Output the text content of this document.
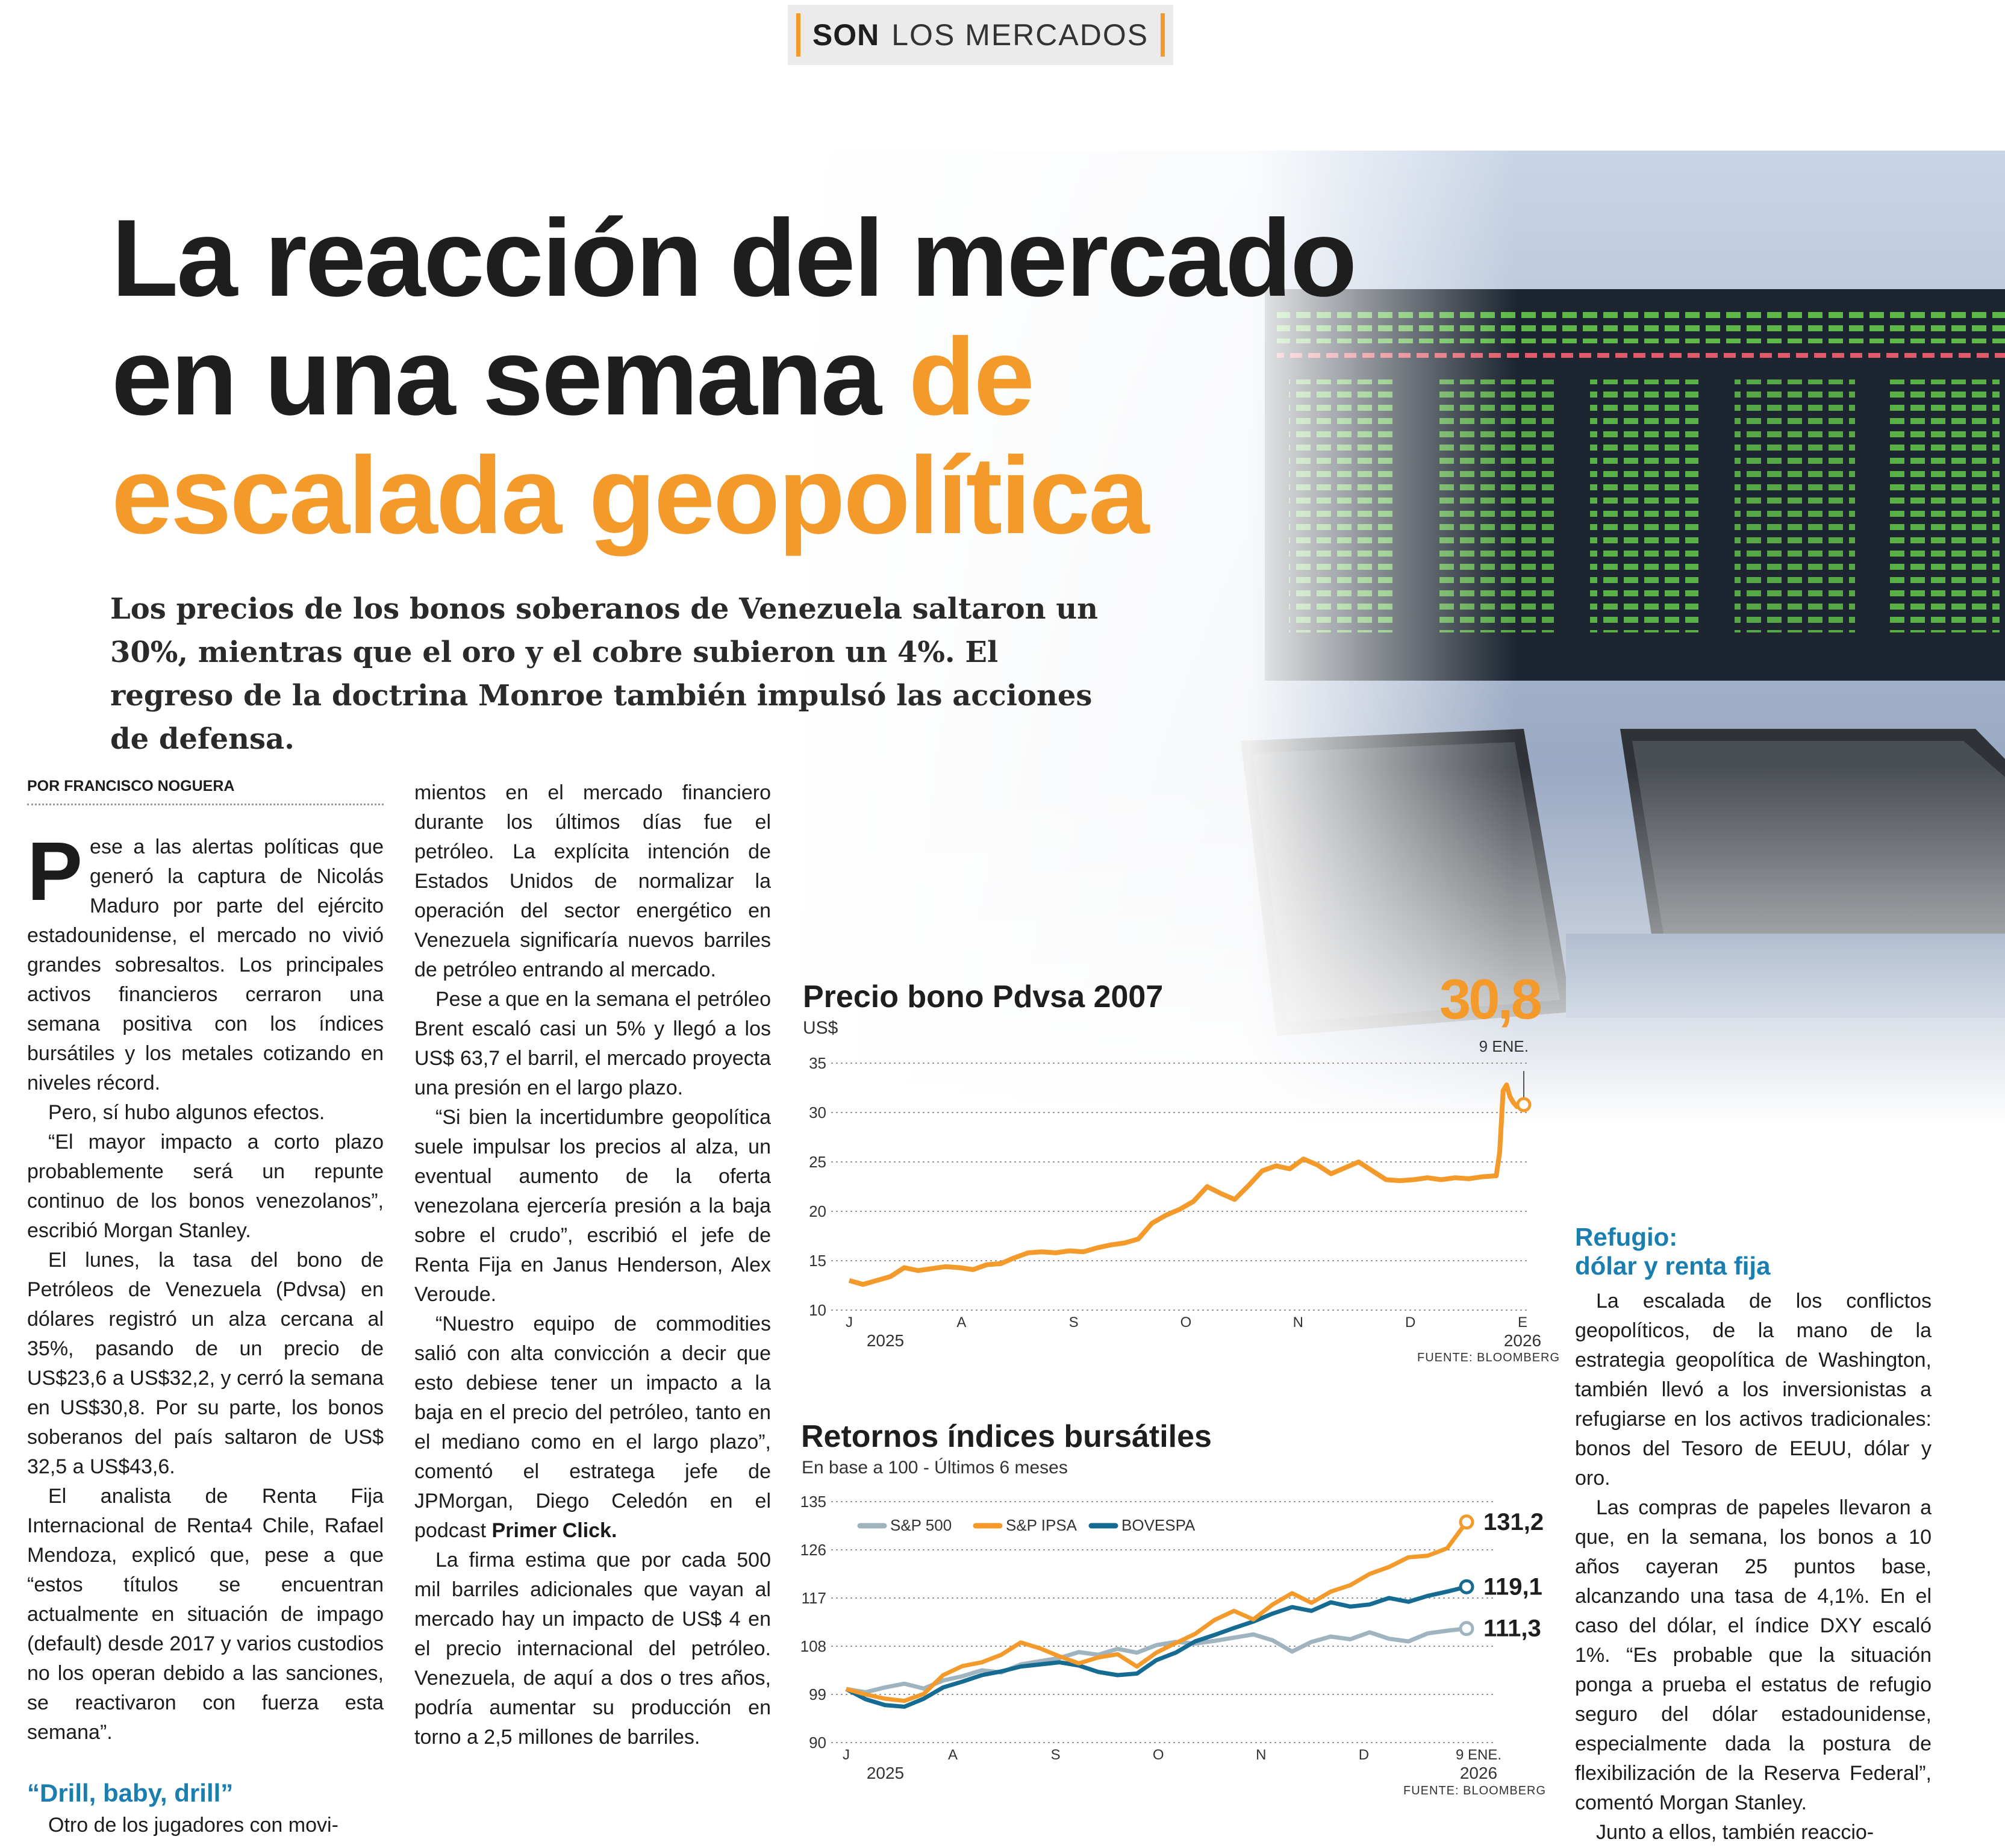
SON LOS MERCADOS
La reacción del mercado
en una semana de
escalada geopolítica

Los precios de los bonos soberanos de Venezuela saltaron un 30%, mientras que el oro y el cobre subieron un 4%. El regreso de la doctrina Monroe también impulsó las acciones de defensa.

POR FRANCISCO NOGUERA

Pese a las alertas políticas que generó la captura de Nicolás Maduro por parte del ejército estadounidense, el mercado no vivió grandes sobresaltos. Los principales activos financieros cerraron una semana positiva con los índices bursátiles y los metales cotizando en niveles récord.

Pero, sí hubo algunos efectos.

“El mayor impacto a corto plazo probablemente será un repunte continuo de los bonos venezolanos”, escribió Morgan Stanley.

El lunes, la tasa del bono de Petróleos de Venezuela (Pdvsa) en dólares registró un alza cercana al 35%, pasando de un precio de US$23,6 a US$32,2, y cerró la semana en US$30,8. Por su parte, los bonos soberanos del país saltaron de US$ 32,5 a US$43,6.

El analista de Renta Fija Internacional de Renta4 Chile, Rafael Mendoza, explicó que, pese a que “estos títulos se encuentran actualmente en situación de impago (default) desde 2017 y varios custodios no los operan debido a las sanciones, se reactivaron con fuerza esta semana”.

“Drill, baby, drill”

Otro de los jugadores con movi-

mientos en el mercado financiero durante los últimos días fue el petróleo. La explícita intención de Estados Unidos de normalizar la operación del sector energético en Venezuela significaría nuevos barriles de petróleo entrando al mercado.

Pese a que en la semana el petróleo Brent escaló casi un 5% y llegó a los US$ 63,7 el barril, el mercado proyecta una presión en el largo plazo.

“Si bien la incertidumbre geopolítica suele impulsar los precios al alza, un eventual aumento de la oferta venezolana ejercería presión a la baja sobre el crudo”, escribió el jefe de Renta Fija en Janus Henderson, Alex Veroude.

“Nuestro equipo de commodities salió con alta convicción a decir que esto debiese tener un impacto a la baja en el precio del petróleo, tanto en el mediano como en el largo plazo”, comentó el estratega jefe de JPMorgan, Diego Celedón en el podcast Primer Click.

La firma estima que por cada 500 mil barriles adicionales que vayan al mercado hay un impacto de US$ 4 en el precio internacional del petróleo. Venezuela, de aquí a dos o tres años, podría aumentar su producción en torno a 2,5 millones de barriles.

Refugio:
dólar y renta fija

La escalada de los conflictos geopolíticos, de la mano de la estrategia geopolítica de Washington, también llevó a los inversionistas a refugiarse en los activos tradicionales: bonos del Tesoro de EEUU, dólar y oro.

Las compras de papeles llevaron a que, en la semana, los bonos a 10 años cayeran 25 puntos base, alcanzando una tasa de 4,1%. En el caso del dólar, el índice DXY escaló 1%. “Es probable que la situación ponga a prueba el estatus de refugio seguro del dólar estadounidense, especialmente dada la postura de flexibilización de la Reserva Federal”, comentó Morgan Stanley.

Junto a ellos, también reaccio-

Precio bono Pdvsa 2007
US$	30,8
35
30
25
20
15
10
J	A	S	O	N	D	E
2025	2026
9 ENE.
FUENTE: BLOOMBERG
Retornos índices bursátiles
En base a 100 - Últimos 6 meses
135
126
117
108
99
90
J	A	S	O	N	D	9 ENE.
2025	2026
111,3
131,2
119,1
S&P 500	S&P IPSA	BOVESPA
FUENTE: BLOOMBERG
